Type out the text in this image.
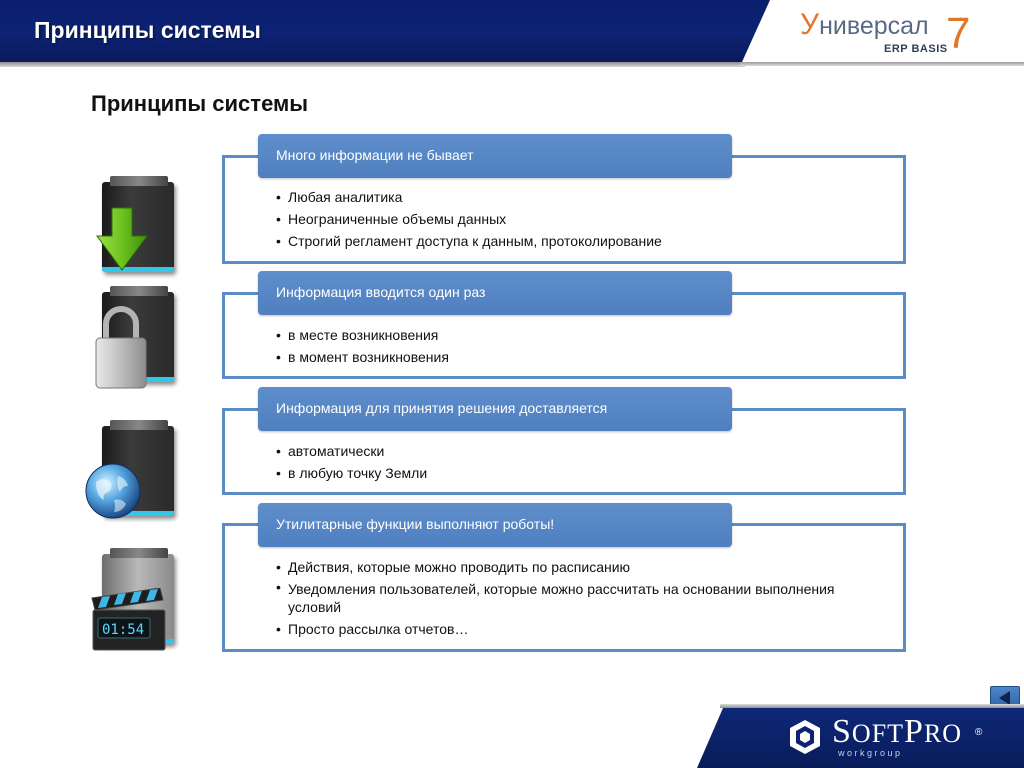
Принципы системы	Универсал
ERP BASIS
7
Принципы системы
Много информации не бывает
• Любая аналитика
• Неограниченные объемы данных
• Строгий регламент доступа к данным, протоколирование
Информация вводится один раз
• в месте возникновения
• в момент возникновения
Информация для принятия решения доставляется
• автоматически
• в любую точку Земли
Утилитарные функции выполняют роботы!
• Действия, которые можно проводить по расписанию
• Уведомления пользователей, которые можно рассчитать на основании выполнения условий
• Просто рассылка отчетов…
01:54
SOFTPRO
workgroup
®
